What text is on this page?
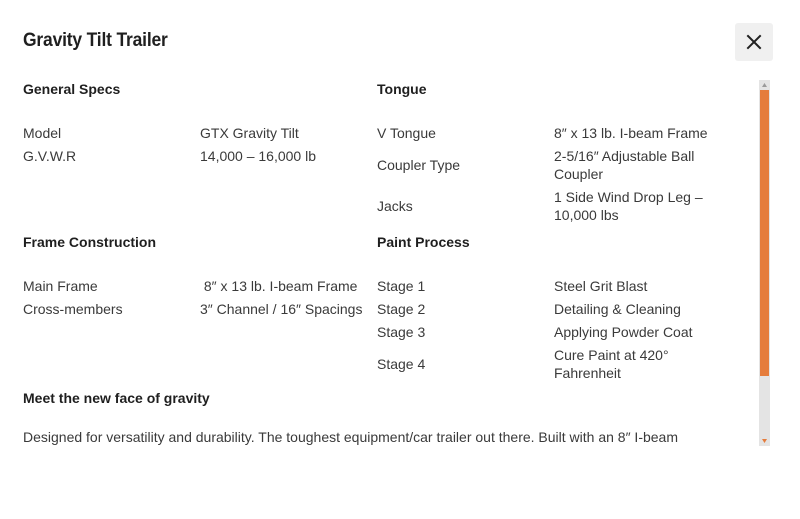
Gravity Tilt Trailer
General Specs
Model	GTX Gravity Tilt
G.V.W.R	14,000 – 16,000 lb
Frame Construction
Main Frame	8″ x 13 lb. I-beam Frame
Cross-members	3″ Channel / 16″ Spacings
Tongue
V Tongue	8″ x 13 lb. I-beam Frame
Coupler Type	2-5/16″ Adjustable Ball Coupler
Jacks	1 Side Wind Drop Leg – 10,000 lbs
Paint Process
Stage 1	Steel Grit Blast
Stage 2	Detailing & Cleaning
Stage 3	Applying Powder Coat
Stage 4	Cure Paint at 420° Fahrenheit
Meet the new face of gravity
Designed for versatility and durability. The toughest equipment/car trailer out there. Built with an 8″ I-beam
